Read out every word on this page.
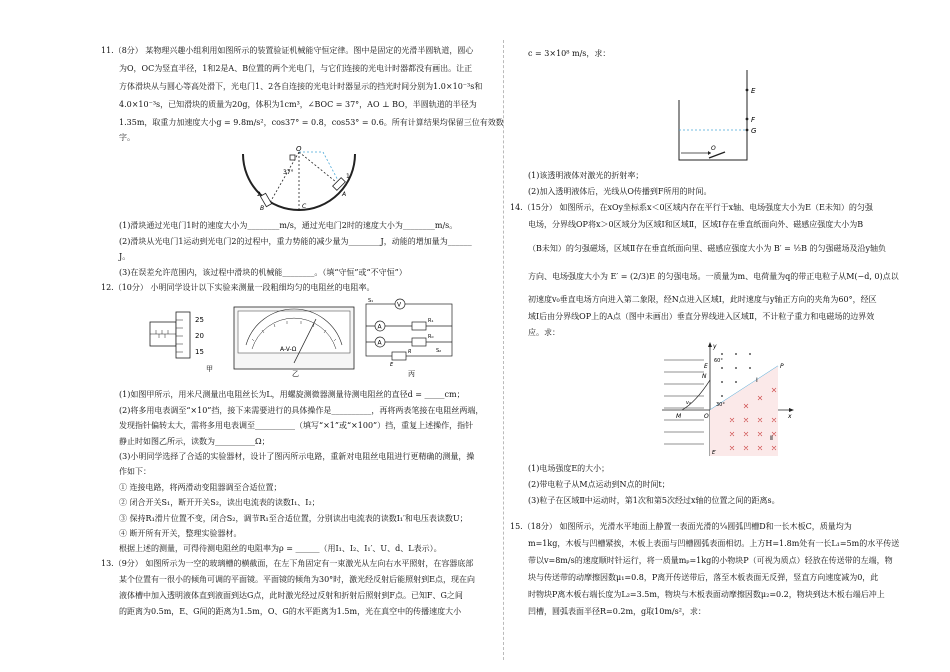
11.（8分） 某物理兴趣小组利用如图所示的装置验证机械能守恒定律。图中是固定的光滑半圆轨道，圆心
为O，OC为竖直半径，1和2是A、B位置的两个光电门，与它们连接的光电计时器都没有画出。让正
方体滑块从与圆心等高处滑下，光电门1、2各自连接的光电计时器显示的挡光时间分别为1.0×10⁻³s和
4.0×10⁻³s，已知滑块的质量为20g，体积为1cm³，∠BOC = 37°，AO ⊥ BO，半圆轨道的半径为
1.35m，取重力加速度大小g = 9.8m/s²，cos37° = 0.8，cos53° = 0.6。所有计算结果均保留三位有效数
字。
O
37°
1
2	A
B	C
(1)滑块通过光电门1时的速度大小为________m/s，通过光电门2时的速度大小为________m/s。
(2)滑块从光电门1运动到光电门2的过程中，重力势能的减少量为________J，动能的增加量为______
J。
(3)在误差允许范围内，该过程中滑块的机械能________。（填“守恒”或“不守恒”）
12.（10分） 小明同学设计以下实验来测量一段粗细均匀的电阻丝的电阻率。
25
20
15
甲
A-V-Ω
乙
V
A
A
R₁
R₀
R
S₁
S₂
E
丙
(1)如图甲所示，用米尺测量出电阻丝长为L，用螺旋测微器测量待测电阻丝的直径d = _____cm；
(2)将多用电表调至“×10”挡，接下来需要进行的具体操作是__________，再将两表笔接在电阻丝两端，
发现指针偏转太大，需将多用电表调至__________（填写“×1”或“×100”）挡，重复上述操作，指针
静止时如图乙所示，读数为__________Ω；
(3)小明同学选择了合适的实验器材，设计了图丙所示电路，重新对电阻丝电阻进行更精确的测量，操
作如下：
① 连接电路，将两滑动变阻器调至合适位置；
② 闭合开关S₁，断开开关S₂，读出电流表的读数I₁、I₂；
③ 保持R₁滑片位置不变，闭合S₂，调节R₁至合适位置，分别读出电流表的读数I₁′和电压表读数U；
④ 断开所有开关，整理实验器材。
根据上述的测量，可得待测电阻丝的电阻率为ρ = ______（用I₁、I₂、I₁′、U、d、L表示）。
13.（9分） 如图所示为一空的玻璃槽的横截面，在左下角固定有一束激光从左向右水平照射，在容器底部
某个位置有一很小的倾角可调的平面镜。平面镜的倾角为30°时，激光经反射后能照射到E点，现在向
液体槽中加入透明液体直到液面到达G点，此时激光经过反射和折射后照射到F点。已知F、G之间
的距离为0.5m，E、G间的距离为1.5m，O、G的水平距离为1.5m，光在真空中的传播速度大小
c = 3×10⁸ m/s，求：
E
F
G
O
(1)该透明液体对激光的折射率；
(2)加入透明液体后，光线从O传播到F所用的时间。
14.（15分） 如图所示，在xOy坐标系x＜0区域内存在平行于x轴、电场强度大小为E（E未知）的匀强
电场，分界线OP将x＞0区域分为区域Ⅰ和区域Ⅱ，区域Ⅰ存在垂直纸面向外、磁感应强度大小为B
（B未知）的匀强磁场，区域Ⅱ存在垂直纸面向里、磁感应强度大小为 B′ = ½B 的匀强磁场及沿y轴负
方向、电场强度大小为 E′ = (2/3)E 的匀强电场。一质量为m、电荷量为q的带正电粒子从M(−d, 0)点以
初速度v₀垂直电场方向进入第二象限，经N点进入区域Ⅰ，此时速度与y轴正方向的夹角为60°，经区
域Ⅰ后由分界线OP上的A点（图中未画出）垂直分界线进入区域Ⅱ，不计粒子重力和电磁场的边界效
应。求：
y
60°
N
E
M
v₀
O
30°
x
P
Ⅰ
Ⅱ
E′
(1)电场强度E的大小；
(2)带电粒子从M点运动到N点的时间t；
(3)粒子在区域Ⅱ中运动时，第1次和第5次经过x轴的位置之间的距离s。
15.（18分） 如图所示，光滑水平地面上静置一表面光滑的¼圆弧凹槽D和一长木板C，质量均为
m=1kg，木板与凹槽紧挨，木板上表面与凹槽圆弧表面相切。上方H=1.8m处有一长L₁=5m的水平传送
带以v=8m/s的速度顺时针运行，将一质量mₚ=1kg的小物块P（可视为质点）轻放在传送带的左端，物
块与传送带的动摩擦因数μ₁=0.8，P离开传送带后，落至木板表面无反弹，竖直方向速度减为0，此
时物块P离木板右端长度为L₂=3.5m，物块与木板表面动摩擦因数μ₂=0.2，物块到达木板右端后冲上
凹槽，圆弧表面半径R=0.2m，g取10m/s²，求：
